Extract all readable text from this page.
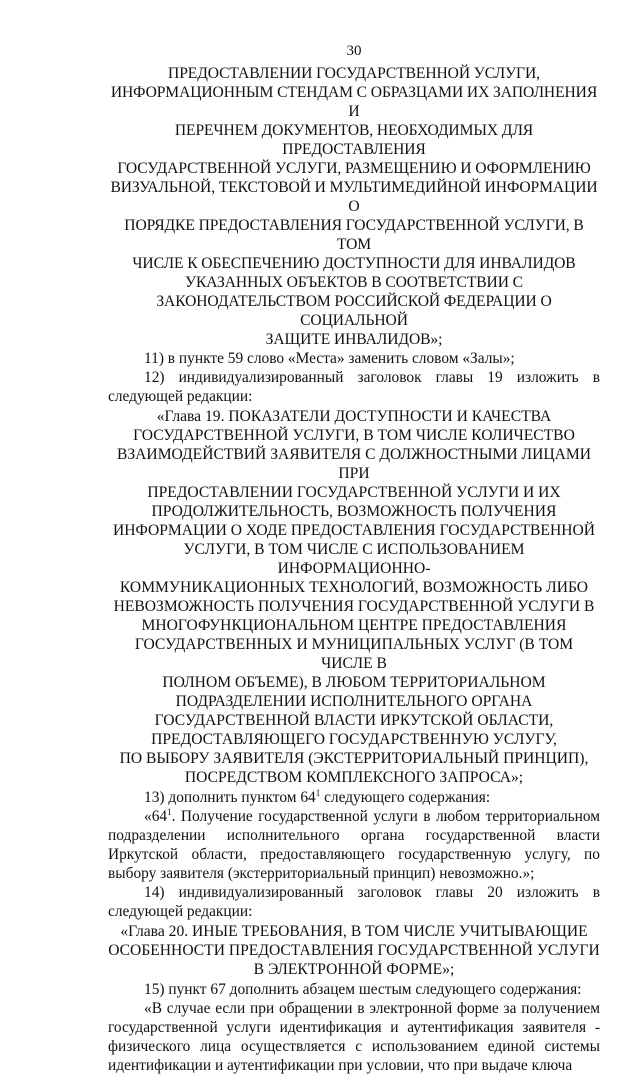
30

ПРЕДОСТАВЛЕНИИ ГОСУДАРСТВЕННОЙ УСЛУГИ,

ИНФОРМАЦИОННЫМ СТЕНДАМ С ОБРАЗЦАМИ ИХ ЗАПОЛНЕНИЯ И

ПЕРЕЧНЕМ ДОКУМЕНТОВ, НЕОБХОДИМЫХ ДЛЯ ПРЕДОСТАВЛЕНИЯ

ГОСУДАРСТВЕННОЙ УСЛУГИ, РАЗМЕЩЕНИЮ И ОФОРМЛЕНИЮ

ВИЗУАЛЬНОЙ, ТЕКСТОВОЙ И МУЛЬТИМЕДИЙНОЙ ИНФОРМАЦИИ О

ПОРЯДКЕ ПРЕДОСТАВЛЕНИЯ ГОСУДАРСТВЕННОЙ УСЛУГИ, В ТОМ

ЧИСЛЕ К ОБЕСПЕЧЕНИЮ ДОСТУПНОСТИ ДЛЯ ИНВАЛИДОВ

УКАЗАННЫХ ОБЪЕКТОВ В СООТВЕТСТВИИ С

ЗАКОНОДАТЕЛЬСТВОМ РОССИЙСКОЙ ФЕДЕРАЦИИ О СОЦИАЛЬНОЙ

ЗАЩИТЕ ИНВАЛИДОВ»;

11) в пункте 59 слово «Места» заменить словом «Залы»;

12) индивидуализированный заголовок главы 19 изложить в следующей редакции:

«Глава 19. ПОКАЗАТЕЛИ ДОСТУПНОСТИ И КАЧЕСТВА

ГОСУДАРСТВЕННОЙ УСЛУГИ, В ТОМ ЧИСЛЕ КОЛИЧЕСТВО

ВЗАИМОДЕЙСТВИЙ ЗАЯВИТЕЛЯ С ДОЛЖНОСТНЫМИ ЛИЦАМИ ПРИ

ПРЕДОСТАВЛЕНИИ ГОСУДАРСТВЕННОЙ УСЛУГИ И ИХ

ПРОДОЛЖИТЕЛЬНОСТЬ, ВОЗМОЖНОСТЬ ПОЛУЧЕНИЯ

ИНФОРМАЦИИ О ХОДЕ ПРЕДОСТАВЛЕНИЯ ГОСУДАРСТВЕННОЙ

УСЛУГИ, В ТОМ ЧИСЛЕ С ИСПОЛЬЗОВАНИЕМ ИНФОРМАЦИОННО-

КОММУНИКАЦИОННЫХ ТЕХНОЛОГИЙ, ВОЗМОЖНОСТЬ ЛИБО

НЕВОЗМОЖНОСТЬ ПОЛУЧЕНИЯ ГОСУДАРСТВЕННОЙ УСЛУГИ В

МНОГОФУНКЦИОНАЛЬНОМ ЦЕНТРЕ ПРЕДОСТАВЛЕНИЯ

ГОСУДАРСТВЕННЫХ И МУНИЦИПАЛЬНЫХ УСЛУГ (В ТОМ ЧИСЛЕ В

ПОЛНОМ ОБЪЕМЕ), В ЛЮБОМ ТЕРРИТОРИАЛЬНОМ

ПОДРАЗДЕЛЕНИИ ИСПОЛНИТЕЛЬНОГО ОРГАНА

ГОСУДАРСТВЕННОЙ ВЛАСТИ ИРКУТСКОЙ ОБЛАСТИ,

ПРЕДОСТАВЛЯЮЩЕГО ГОСУДАРСТВЕННУЮ УСЛУГУ,

ПО ВЫБОРУ ЗАЯВИТЕЛЯ (ЭКСТЕРРИТОРИАЛЬНЫЙ ПРИНЦИП),

ПОСРЕДСТВОМ КОМПЛЕКСНОГО ЗАПРОСА»;

13) дополнить пунктом $64^1$ следующего содержания:

«$64^1$. Получение государственной услуги в любом территориальном подразделении исполнительного органа государственной власти Иркутской области, предоставляющего государственную услугу, по выбору заявителя (экстерриториальный принцип) невозможно.»;

14) индивидуализированный заголовок главы 20 изложить в следующей редакции:

«Глава 20. ИНЫЕ ТРЕБОВАНИЯ, В ТОМ ЧИСЛЕ УЧИТЫВАЮЩИЕ

ОСОБЕННОСТИ ПРЕДОСТАВЛЕНИЯ ГОСУДАРСТВЕННОЙ УСЛУГИ

В ЭЛЕКТРОННОЙ ФОРМЕ»;

15) пункт 67 дополнить абзацем шестым следующего содержания:

«В случае если при обращении в электронной форме за получением государственной услуги идентификация и аутентификация заявителя - физического лица осуществляется с использованием единой системы идентификации и аутентификации при условии, что при выдаче ключа
